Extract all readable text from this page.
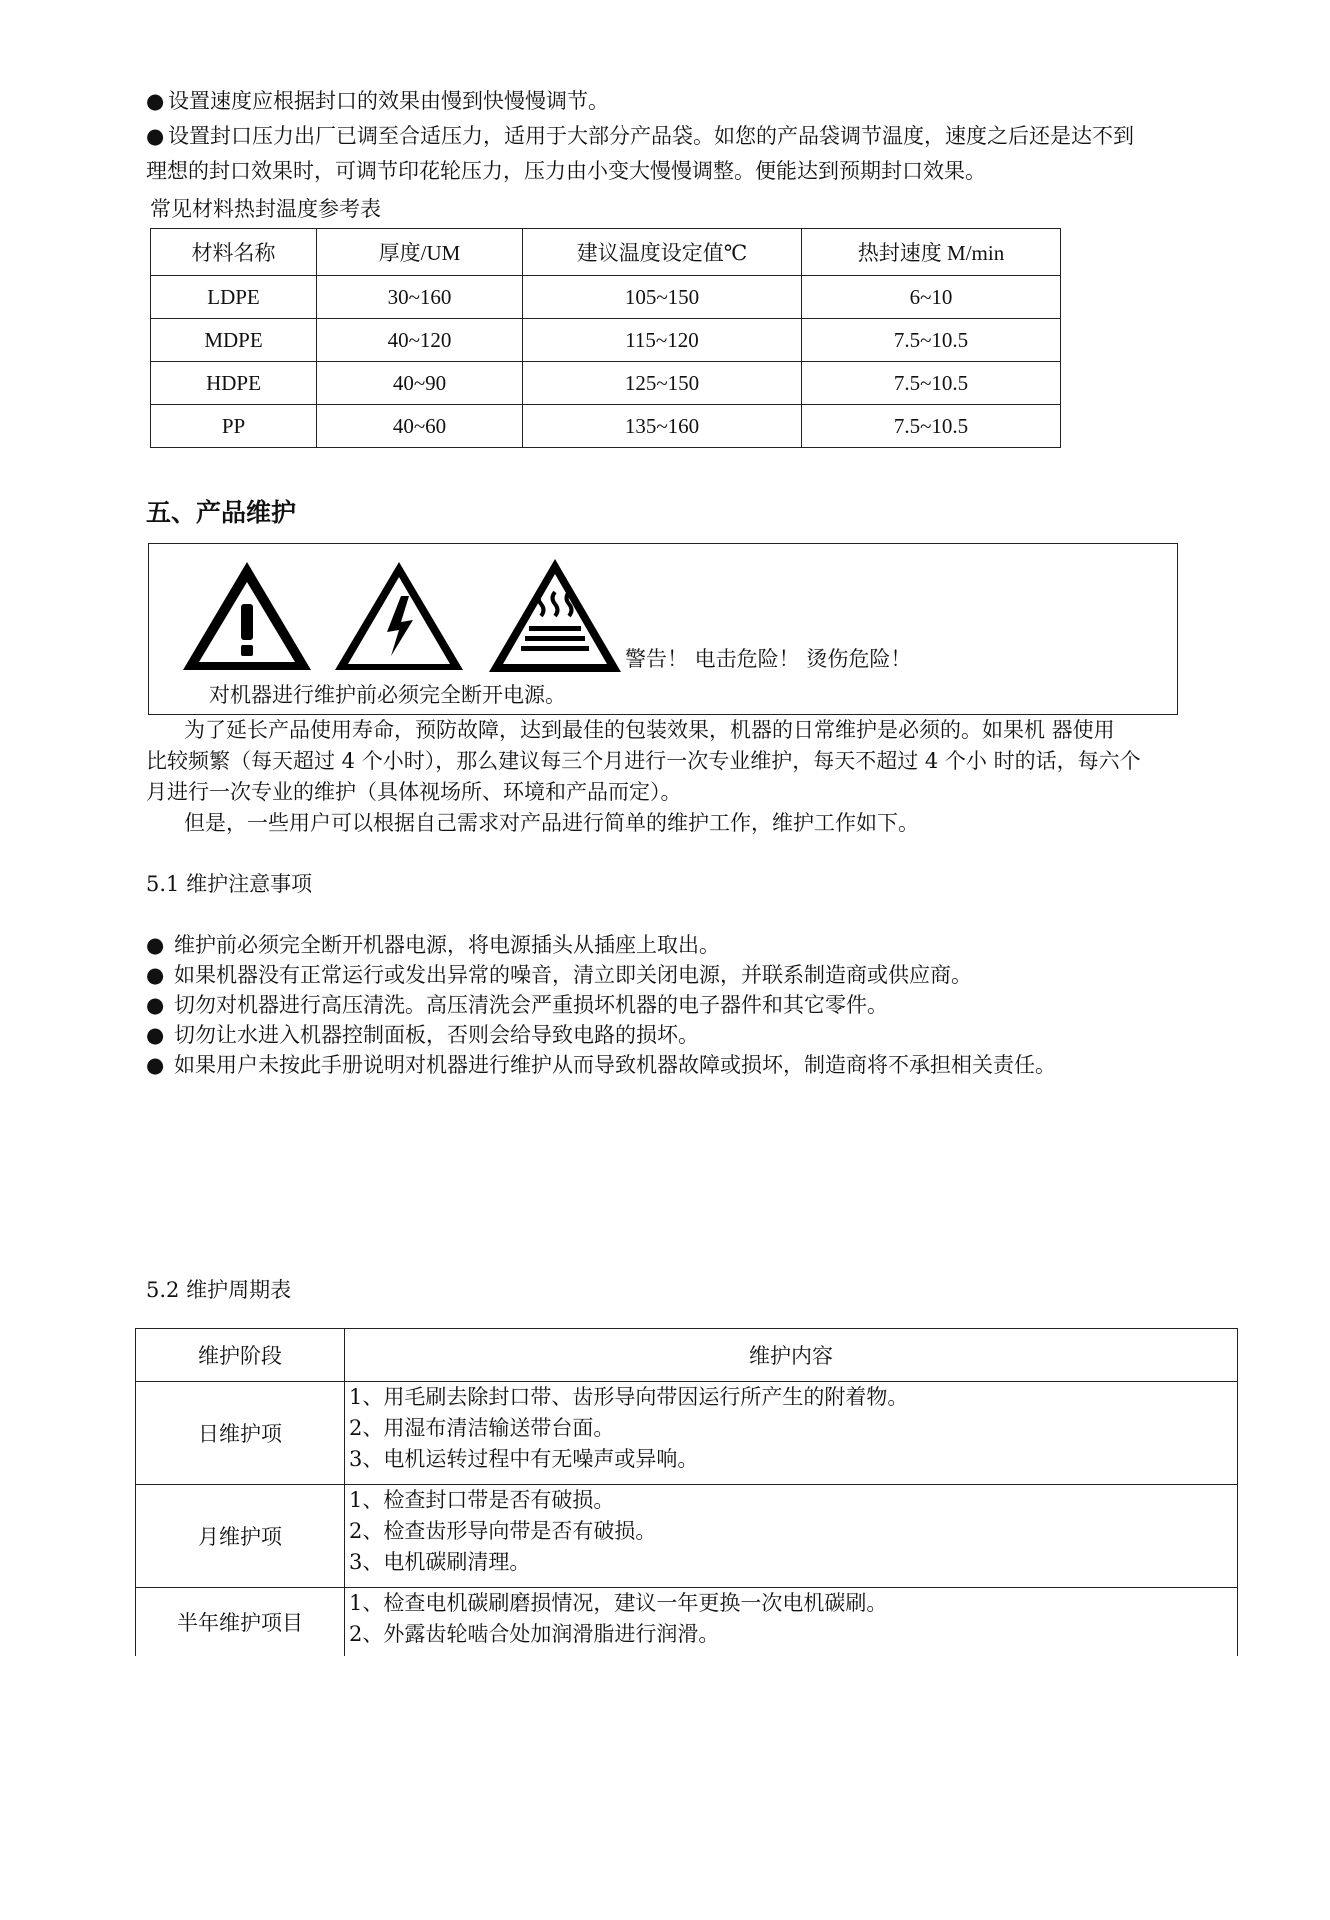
● 设置速度应根据封口的效果由慢到快慢慢调节。
● 设置封口压力出厂已调至合适压力，适用于大部分产品袋。如您的产品袋调节温度，速度之后还是达不到
理想的封口效果时，可调节印花轮压力，压力由小变大慢慢调整。便能达到预期封口效果。
常见材料热封温度参考表
材料名称	厚度/UM	建议温度设定值℃	热封速度 M/min
LDPE	30~160	105~150	6~10
MDPE	40~120	115~120	7.5~10.5
HDPE	40~90	125~150	7.5~10.5
PP	40~60	135~160	7.5~10.5
五、产品维护
警告！ 电击危险！ 烫伤危险！
对机器进行维护前必须完全断开电源。
为了延长产品使用寿命，预防故障，达到最佳的包装效果，机器的日常维护是必须的。如果机 器使用
比较频繁（每天超过 4 个小时），那么建议每三个月进行一次专业维护，每天不超过 4 个小 时的话，每六个
月进行一次专业的维护（具体视场所、环境和产品而定）。
但是，一些用户可以根据自己需求对产品进行简单的维护工作，维护工作如下。
5.1 维护注意事项
● 维护前必须完全断开机器电源，将电源插头从插座上取出。
● 如果机器没有正常运行或发出异常的噪音，清立即关闭电源，并联系制造商或供应商。
● 切勿对机器进行高压清洗。高压清洗会严重损坏机器的电子器件和其它零件。
● 切勿让水进入机器控制面板，否则会给导致电路的损坏。
● 如果用户未按此手册说明对机器进行维护从而导致机器故障或损坏，制造商将不承担相关责任。
5.2 维护周期表
维护阶段	维护内容
日维护项	1、用毛刷去除封口带、齿形导向带因运行所产生的附着物。
2、用湿布清洁输送带台面。
3、电机运转过程中有无噪声或异响。

月维护项	1、检查封口带是否有破损。
2、检查齿形导向带是否有破损。
3、电机碳刷清理。

半年维护项目	1、检查电机碳刷磨损情况，建议一年更换一次电机碳刷。
2、外露齿轮啮合处加润滑脂进行润滑。
